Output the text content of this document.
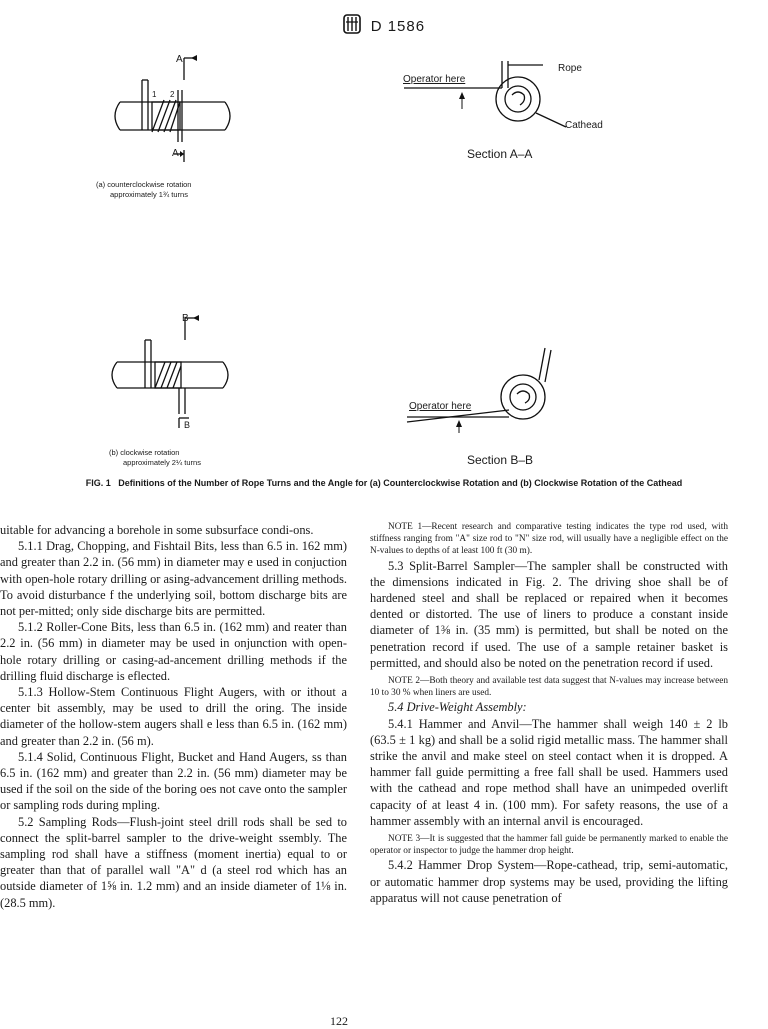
D 1586
A
A
1 2
(a) counterclockwise rotation
approximately 1¾ turns
Operator here
Rope
Cathead
Section A–A
B
B
(b) clockwise rotation
approximately 2¼ turns
Operator here
Section B–B
FIG. 1 Definitions of the Number of Rope Turns and the Angle for (a) Counterclockwise Rotation and (b) Clockwise Rotation of the Cathead

uitable for advancing a borehole in some subsurface condi-ons.

5.1.1 Drag, Chopping, and Fishtail Bits, less than 6.5 in. 162 mm) and greater than 2.2 in. (56 mm) in diameter may e used in conjuction with open-hole rotary drilling or asing-advancement drilling methods. To avoid disturbance f the underlying soil, bottom discharge bits are not per-mitted; only side discharge bits are permitted.

5.1.2 Roller-Cone Bits, less than 6.5 in. (162 mm) and reater than 2.2 in. (56 mm) in diameter may be used in onjunction with open-hole rotary drilling or casing-ad-ancement drilling methods if the drilling fluid discharge is eflected.

5.1.3 Hollow-Stem Continuous Flight Augers, with or ithout a center bit assembly, may be used to drill the oring. The inside diameter of the hollow-stem augers shall e less than 6.5 in. (162 mm) and greater than 2.2 in. (56 m).

5.1.4 Solid, Continuous Flight, Bucket and Hand Augers, ss than 6.5 in. (162 mm) and greater than 2.2 in. (56 mm) diameter may be used if the soil on the side of the boring oes not cave onto the sampler or sampling rods during mpling.

5.2 Sampling Rods—Flush-joint steel drill rods shall be sed to connect the split-barrel sampler to the drive-weight ssembly. The sampling rod shall have a stiffness (moment inertia) equal to or greater than that of parallel wall "A" d (a steel rod which has an outside diameter of 1⅝ in. 1.2 mm) and an inside diameter of 1⅛ in. (28.5 mm).

NOTE 1—Recent research and comparative testing indicates the type rod used, with stiffness ranging from "A" size rod to "N" size rod, will usually have a negligible effect on the N-values to depths of at least 100 ft (30 m).

5.3 Split-Barrel Sampler—The sampler shall be constructed with the dimensions indicated in Fig. 2. The driving shoe shall be of hardened steel and shall be replaced or repaired when it becomes dented or distorted. The use of liners to produce a constant inside diameter of 1⅜ in. (35 mm) is permitted, but shall be noted on the penetration record if used. The use of a sample retainer basket is permitted, and should also be noted on the penetration record if used.

NOTE 2—Both theory and available test data suggest that N-values may increase between 10 to 30 % when liners are used.

5.4 Drive-Weight Assembly:

5.4.1 Hammer and Anvil—The hammer shall weigh 140 ± 2 lb (63.5 ± 1 kg) and shall be a solid rigid metallic mass. The hammer shall strike the anvil and make steel on steel contact when it is dropped. A hammer fall guide permitting a free fall shall be used. Hammers used with the cathead and rope method shall have an unimpeded overlift capacity of at least 4 in. (100 mm). For safety reasons, the use of a hammer assembly with an internal anvil is encouraged.

NOTE 3—It is suggested that the hammer fall guide be permanently marked to enable the operator or inspector to judge the hammer drop height.

5.4.2 Hammer Drop System—Rope-cathead, trip, semi-automatic, or automatic hammer drop systems may be used, providing the lifting apparatus will not cause penetration of

122
